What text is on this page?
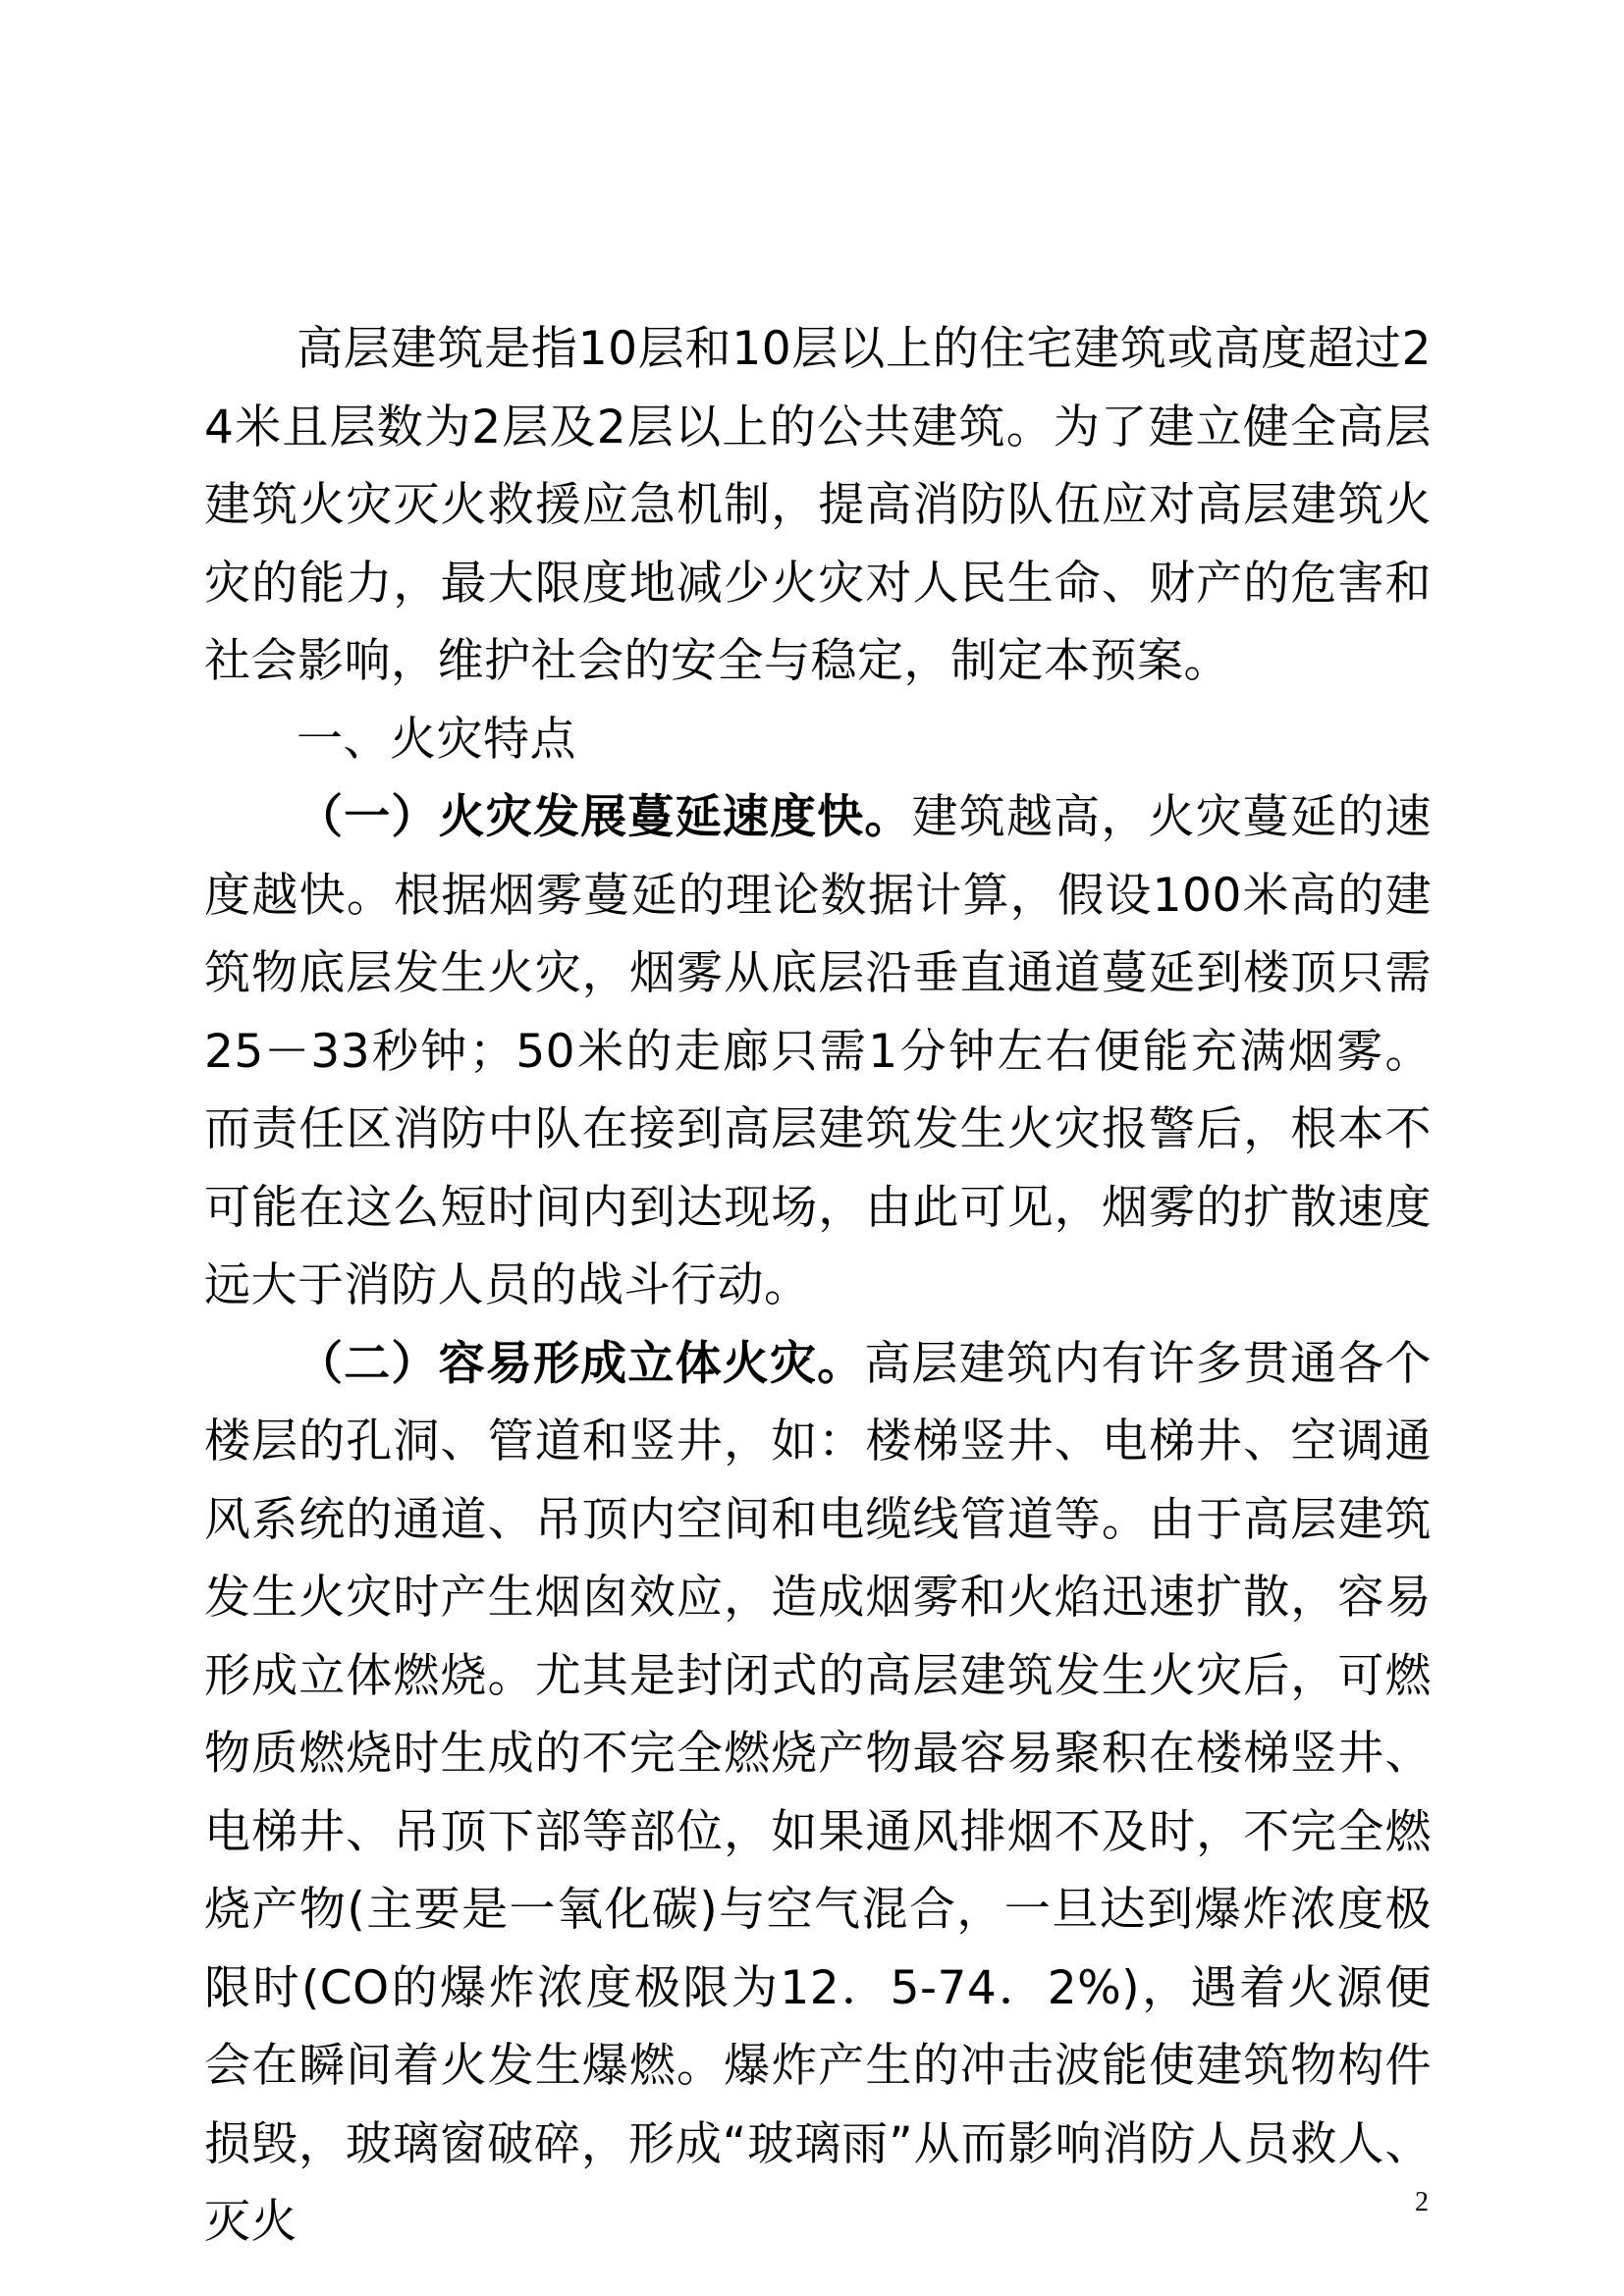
高层建筑是指10层和10层以上的住宅建筑或高度超过24米且层数为2层及2层以上的公共建筑。为了建立健全高层建筑火灾灭火救援应急机制，提高消防队伍应对高层建筑火灾的能力，最大限度地减少火灾对人民生命、财产的危害和社会影响，维护社会的安全与稳定，制定本预案。

一、火灾特点

（一）火灾发展蔓延速度快。建筑越高，火灾蔓延的速度越快。根据烟雾蔓延的理论数据计算，假设100米高的建筑物底层发生火灾，烟雾从底层沿垂直通道蔓延到楼顶只需25－33秒钟；50米的走廊只需1分钟左右便能充满烟雾。而责任区消防中队在接到高层建筑发生火灾报警后，根本不可能在这么短时间内到达现场，由此可见，烟雾的扩散速度远大于消防人员的战斗行动。

（二）容易形成立体火灾。高层建筑内有许多贯通各个楼层的孔洞、管道和竖井，如：楼梯竖井、电梯井、空调通风系统的通道、吊顶内空间和电缆线管道等。由于高层建筑发生火灾时产生烟囱效应，造成烟雾和火焰迅速扩散，容易形成立体燃烧。尤其是封闭式的高层建筑发生火灾后，可燃物质燃烧时生成的不完全燃烧产物最容易聚积在楼梯竖井、电梯井、吊顶下部等部位，如果通风排烟不及时，不完全燃烧产物(主要是一氧化碳)与空气混合，一旦达到爆炸浓度极限时(CO的爆炸浓度极限为12．5-74．2%)，遇着火源便会在瞬间着火发生爆燃。爆炸产生的冲击波能使建筑物构件损毁，玻璃窗破碎，形成“玻璃雨”从而影响消防人员救人、灭火	2
